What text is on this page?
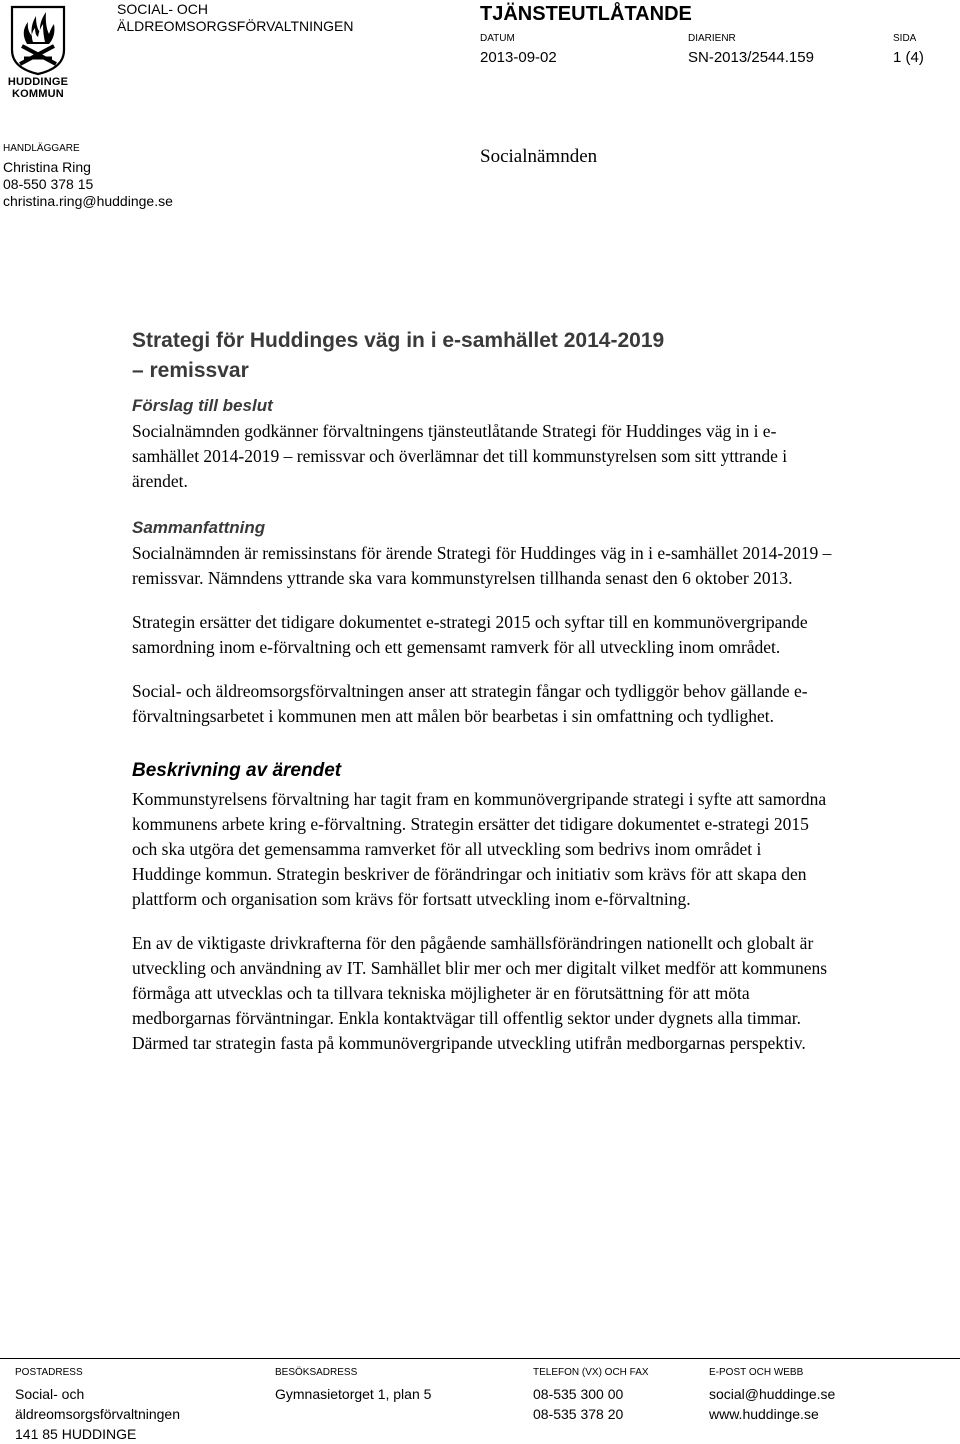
HUDDINGE
KOMMUN
SOCIAL- OCH
ÄLDREOMSORGSFÖRVALTNINGEN
TJÄNSTEUTLÅTANDE
DATUM
2013-09-02
DIARIENR
SN-2013/2544.159
SIDA
1 (4)
HANDLÄGGARE
Christina Ring
08-550 378 15
christina.ring@huddinge.se
Socialnämnden
Strategi för Huddinges väg in i e-samhället 2014-2019
– remissvar
Förslag till beslut

Socialnämnden godkänner förvaltningens tjänsteutlåtande Strategi för Huddinges väg in i e-samhället 2014-2019 – remissvar och överlämnar det till kommunstyrelsen som sitt yttrande i ärendet.

Sammanfattning

Socialnämnden är remissinstans för ärende Strategi för Huddinges väg in i e-samhället 2014-2019 – remissvar. Nämndens yttrande ska vara kommunstyrelsen tillhanda senast den 6 oktober 2013.

Strategin ersätter det tidigare dokumentet e-strategi 2015 och syftar till en kommunövergripande samordning inom e-förvaltning och ett gemensamt ramverk för all utveckling inom området.

Social- och äldreomsorgsförvaltningen anser att strategin fångar och tydliggör behov gällande e-förvaltningsarbetet i kommunen men att målen bör bearbetas i sin omfattning och tydlighet.

Beskrivning av ärendet

Kommunstyrelsens förvaltning har tagit fram en kommunövergripande strategi i syfte att samordna kommunens arbete kring e-förvaltning. Strategin ersätter det tidigare dokumentet e-strategi 2015 och ska utgöra det gemensamma ramverket för all utveckling som bedrivs inom området i Huddinge kommun. Strategin beskriver de förändringar och initiativ som krävs för att skapa den plattform och organisation som krävs för fortsatt utveckling inom e-förvaltning.

En av de viktigaste drivkrafterna för den pågående samhällsförändringen nationellt och globalt är utveckling och användning av IT. Samhället blir mer och mer digitalt vilket medför att kommunens förmåga att utvecklas och ta tillvara tekniska möjligheter är en förutsättning för att möta medborgarnas förväntningar. Enkla kontaktvägar till offentlig sektor under dygnets alla timmar. Därmed tar strategin fasta på kommunövergripande utveckling utifrån medborgarnas perspektiv.

POSTADRESS
Social- och
äldreomsorgsförvaltningen
141 85 HUDDINGE
BESÖKSADRESS
Gymnasietorget 1, plan 5
TELEFON (VX) OCH FAX
08-535 300 00
08-535 378 20
E-POST OCH WEBB
social@huddinge.se
www.huddinge.se
